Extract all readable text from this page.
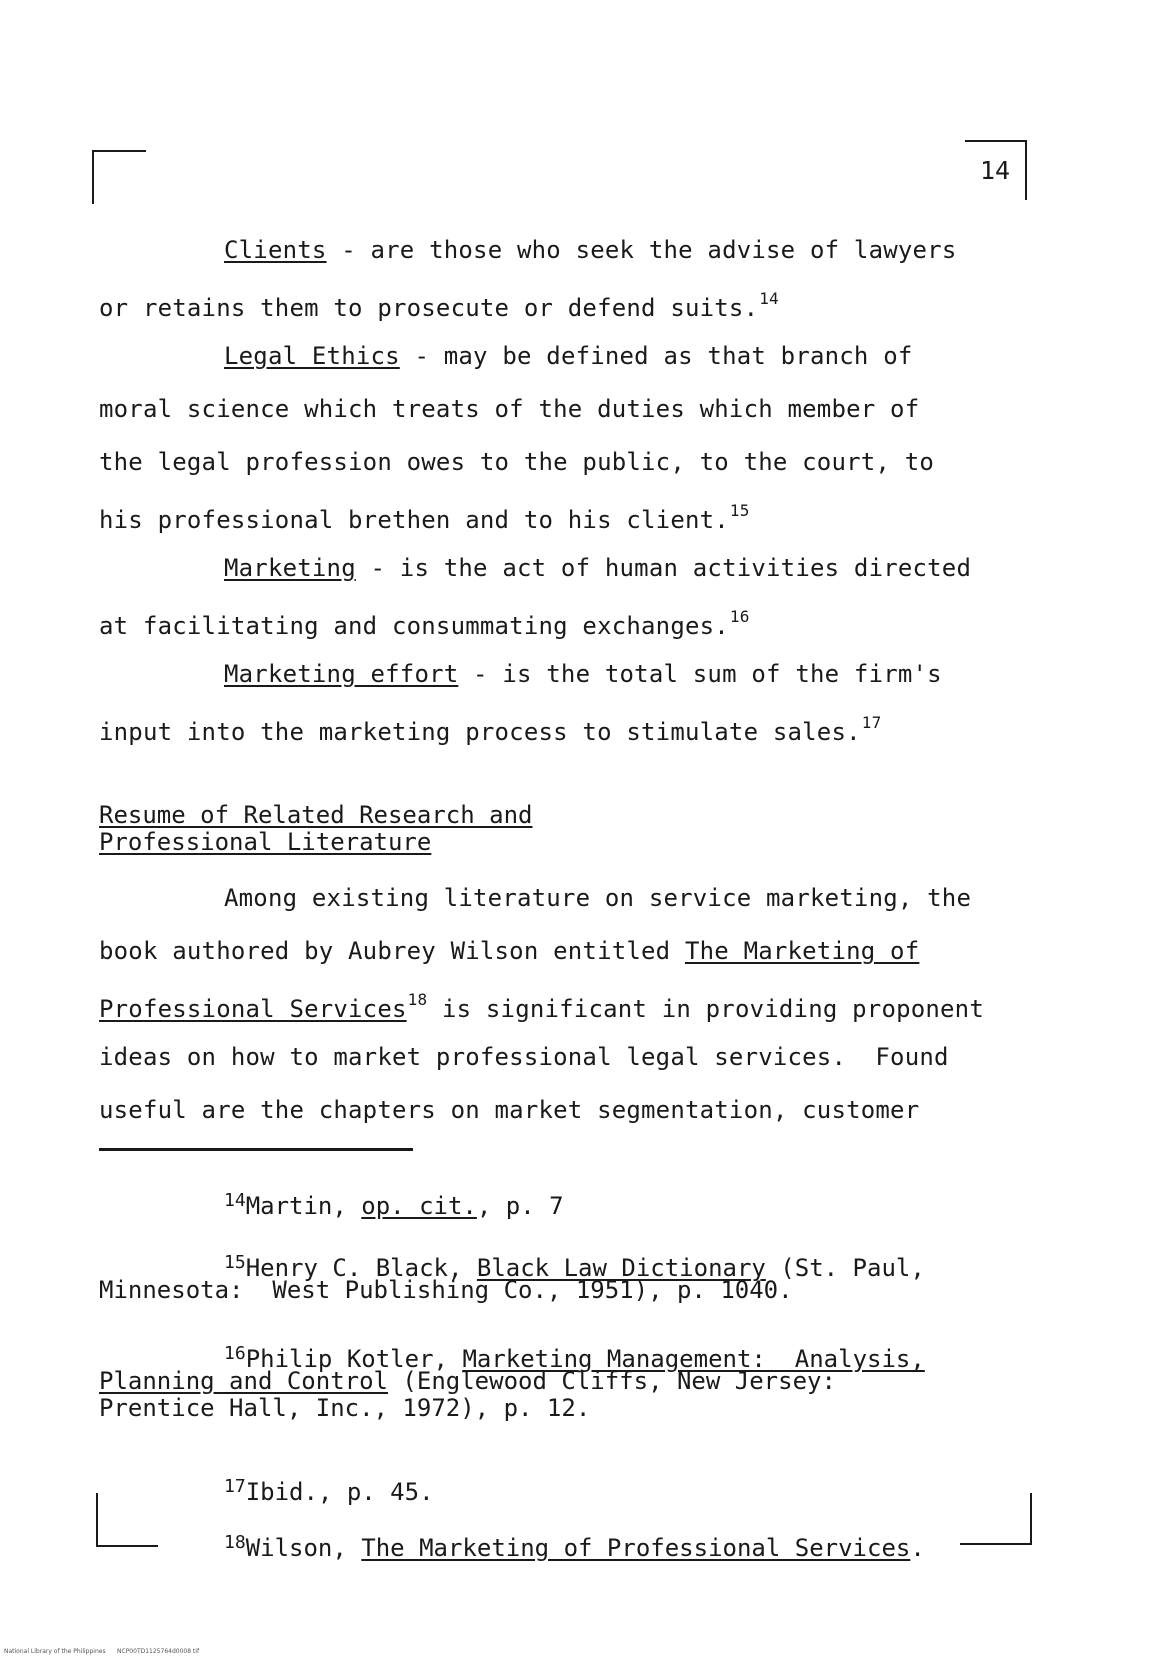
14
Clients - are those who seek the advise of lawyers
or retains them to prosecute or defend suits.$^{14}$
Legal Ethics - may be defined as that branch of
moral science which treats of the duties which member of
the legal profession owes to the public, to the court, to
his professional brethen and to his client.$^{15}$
Marketing - is the act of human activities directed
at facilitating and consummating exchanges.$^{16}$
Marketing effort - is the total sum of the firm's
input into the marketing process to stimulate sales.$^{17}$
Resume of Related Research and
Professional Literature
Among existing literature on service marketing, the
book authored by Aubrey Wilson entitled The Marketing of
Professional Services$^{18}$ is significant in providing proponent
ideas on how to market professional legal services.  Found
useful are the chapters on market segmentation, customer
$^{14}$Martin, op. cit., p. 7
$^{15}$Henry C. Black, Black Law Dictionary (St. Paul,
Minnesota:  West Publishing Co., 1951), p. 1040.
$^{16}$Philip Kotler, Marketing Management:  Analysis,
Planning and Control (Englewood Cliffs, New Jersey:
Prentice Hall, Inc., 1972), p. 12.
$^{17}$Ibid., p. 45.
$^{18}$Wilson, The Marketing of Professional Services.
National Library of the Philippines      NCP00TD1125764d0008 tif
